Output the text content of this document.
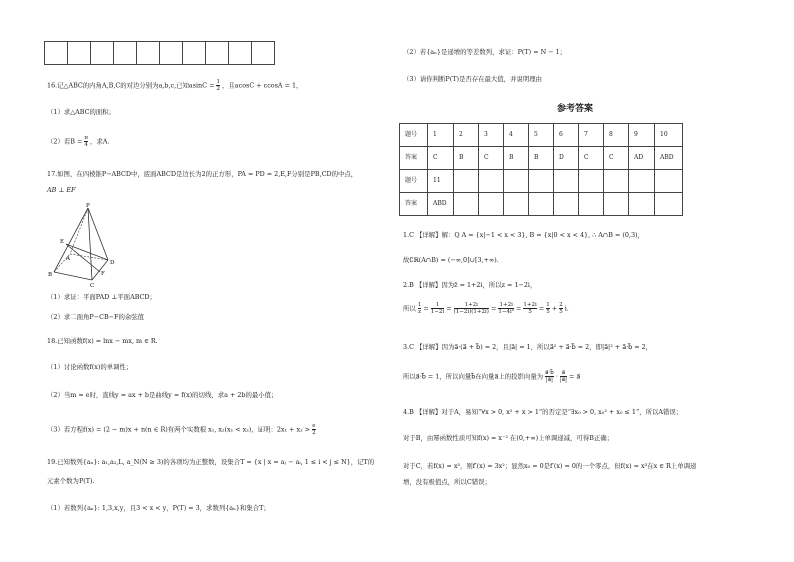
16.记△ABC的内角A,B,C的对边分别为a,b,c,已知$asinC = \frac{1}{2}$ ，且acosC + ccosA = 1，
（1）求△ABC的面积；
（2）若$B = \frac{\pi}{4}$ ，求A.
17.如图，在四棱锥P−ABCD中，底面ABCD是边长为2的正方形，PA = PD = 2,E,F分别是PB,CD的中点，
AB ⊥ EF
P
E
A
D
F
B
C
（1）求证：平面PAD ⊥平面ABCD；
（2）求二面角P−CB−F的余弦值
18.已知函数f(x) = lnx − mx, m ∈ R.
（1）讨论函数f(x)的单调性；
（2）当m = e时，直线y = ax + b是曲线y = f(x)的切线，求a + 2b的最小值；
（3）若方程f(x) = (2 − m)x + n(n ∈ R)有两个实数根 x₁, x₂(x₁ < x₂)，证明：$2x_1 + x_2 > \frac{e}{2}$
19.已知数列{aₙ}: a₁,a₂,L, a_N(N ≥ 3)的各项均为正整数，设集合T = {x | x = aⱼ − aᵢ, 1 ≤ i < j ≤ N}，记T的
元素个数为P(T).
（1）若数列{aₙ}: 1,3,x,y，且3 < x < y，P(T) = 3，求数列{aₙ}和集合T；
（2）若{aₙ}是递增的等差数列，求证：P(T) = N − 1；
（3）请你判断P(T)是否存在最大值，并说明理由
参考答案
题号	1	2	3	4	5	6	7	8	9	10
答案	C	B	C	B	B	D	C	C	AD	ABD
题号	11									
答案	ABD									
1.C 【详解】解：Q A = {x|−1 < x < 3}, B = {x|0 < x < 4}, ∴ A∩B = (0,3)，
故∁ℝ(A∩B) = (−∞,0]∪[3,+∞).
2.B 【详解】因为z̄ = 1+2i，所以z = 1−2i，
所以 $\frac{1}{z} = \frac{1}{1-2i} = \frac{1+2i}{(1-2i)(1+2i)} = \frac{1+2i}{\text{1−4i²}} = \frac{1+2i}{5} = \frac{1}{5} + \frac{2}{5} i$.
3.C 【详解】因为a⃗·(a⃗ + b⃗) = 2，且|a⃗| = 1，所以a⃗² + a⃗·b⃗ = 2，即|a⃗|² + a⃗·b⃗ = 2，
所以a⃗·b⃗ = 1，所以向量b⃗在向量a⃗上的投影向量为 $\frac{a⃗\cdot b⃗}{|a⃗|} \cdot \frac{a⃗}{|a⃗|}$ = a⃗
4.B 【详解】对于A，易知“∀x > 0, x² + x > 1”的否定是“∃x₀ > 0, x₀² + x₀ ≤ 1”，所以A错误；
对于B，由幂函数性质可知f(x) = x⁻² 在(0,+∞)上单调递减，可得B正确；
对于C，若f(x) = x³，则f′(x) = 3x²；显然x₀ = 0是f′(x) = 0的一个零点，但f(x) = x³在x ∈ R上单调递
增，没有极值点，所以C错误；
